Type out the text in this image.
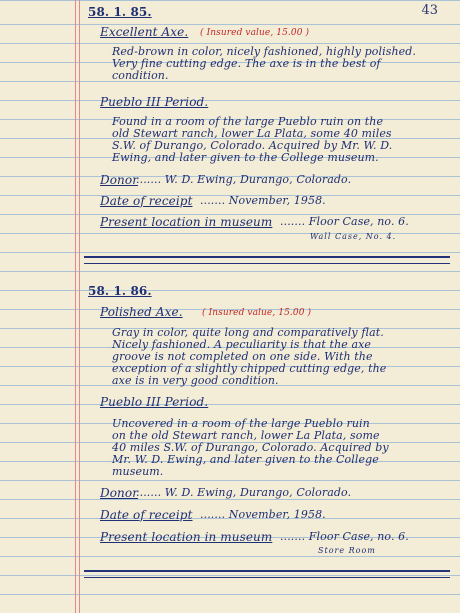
43
58. 1. 85.
Excellent Axe. ( Insured value, 15.00 )
Red-brown in color, nicely fashioned, highly polished.
Very fine cutting edge. The axe is in the best of
condition.
Pueblo III Period.
Found in a room of the large Pueblo ruin on the
old Stewart ranch, lower La Plata, some 40 miles
S.W. of Durango, Colorado. Acquired by Mr. W. D.
Ewing, and later given to the College museum.
Donor
....... W. D. Ewing, Durango, Colorado.
Date of receipt ....... November, 1958.
Present location in museum ....... Floor Case, no. 6.
Wall Case, No. 4.
58. 1. 86.
Polished Axe. ( Insured value, 15.00 )
Gray in color, quite long and comparatively flat.
Nicely fashioned. A peculiarity is that the axe
groove is not completed on one side. With the
exception of a slightly chipped cutting edge, the
axe is in very good condition.
Pueblo III Period.
Uncovered in a room of the large Pueblo ruin
on the old Stewart ranch, lower La Plata, some
40 miles S.W. of Durango, Colorado. Acquired by
Mr. W. D. Ewing, and later given to the College
museum.
Donor
....... W. D. Ewing, Durango, Colorado.
Date of receipt ....... November, 1958.
Present location in museum ....... Floor Case, no. 6.
Store Room
